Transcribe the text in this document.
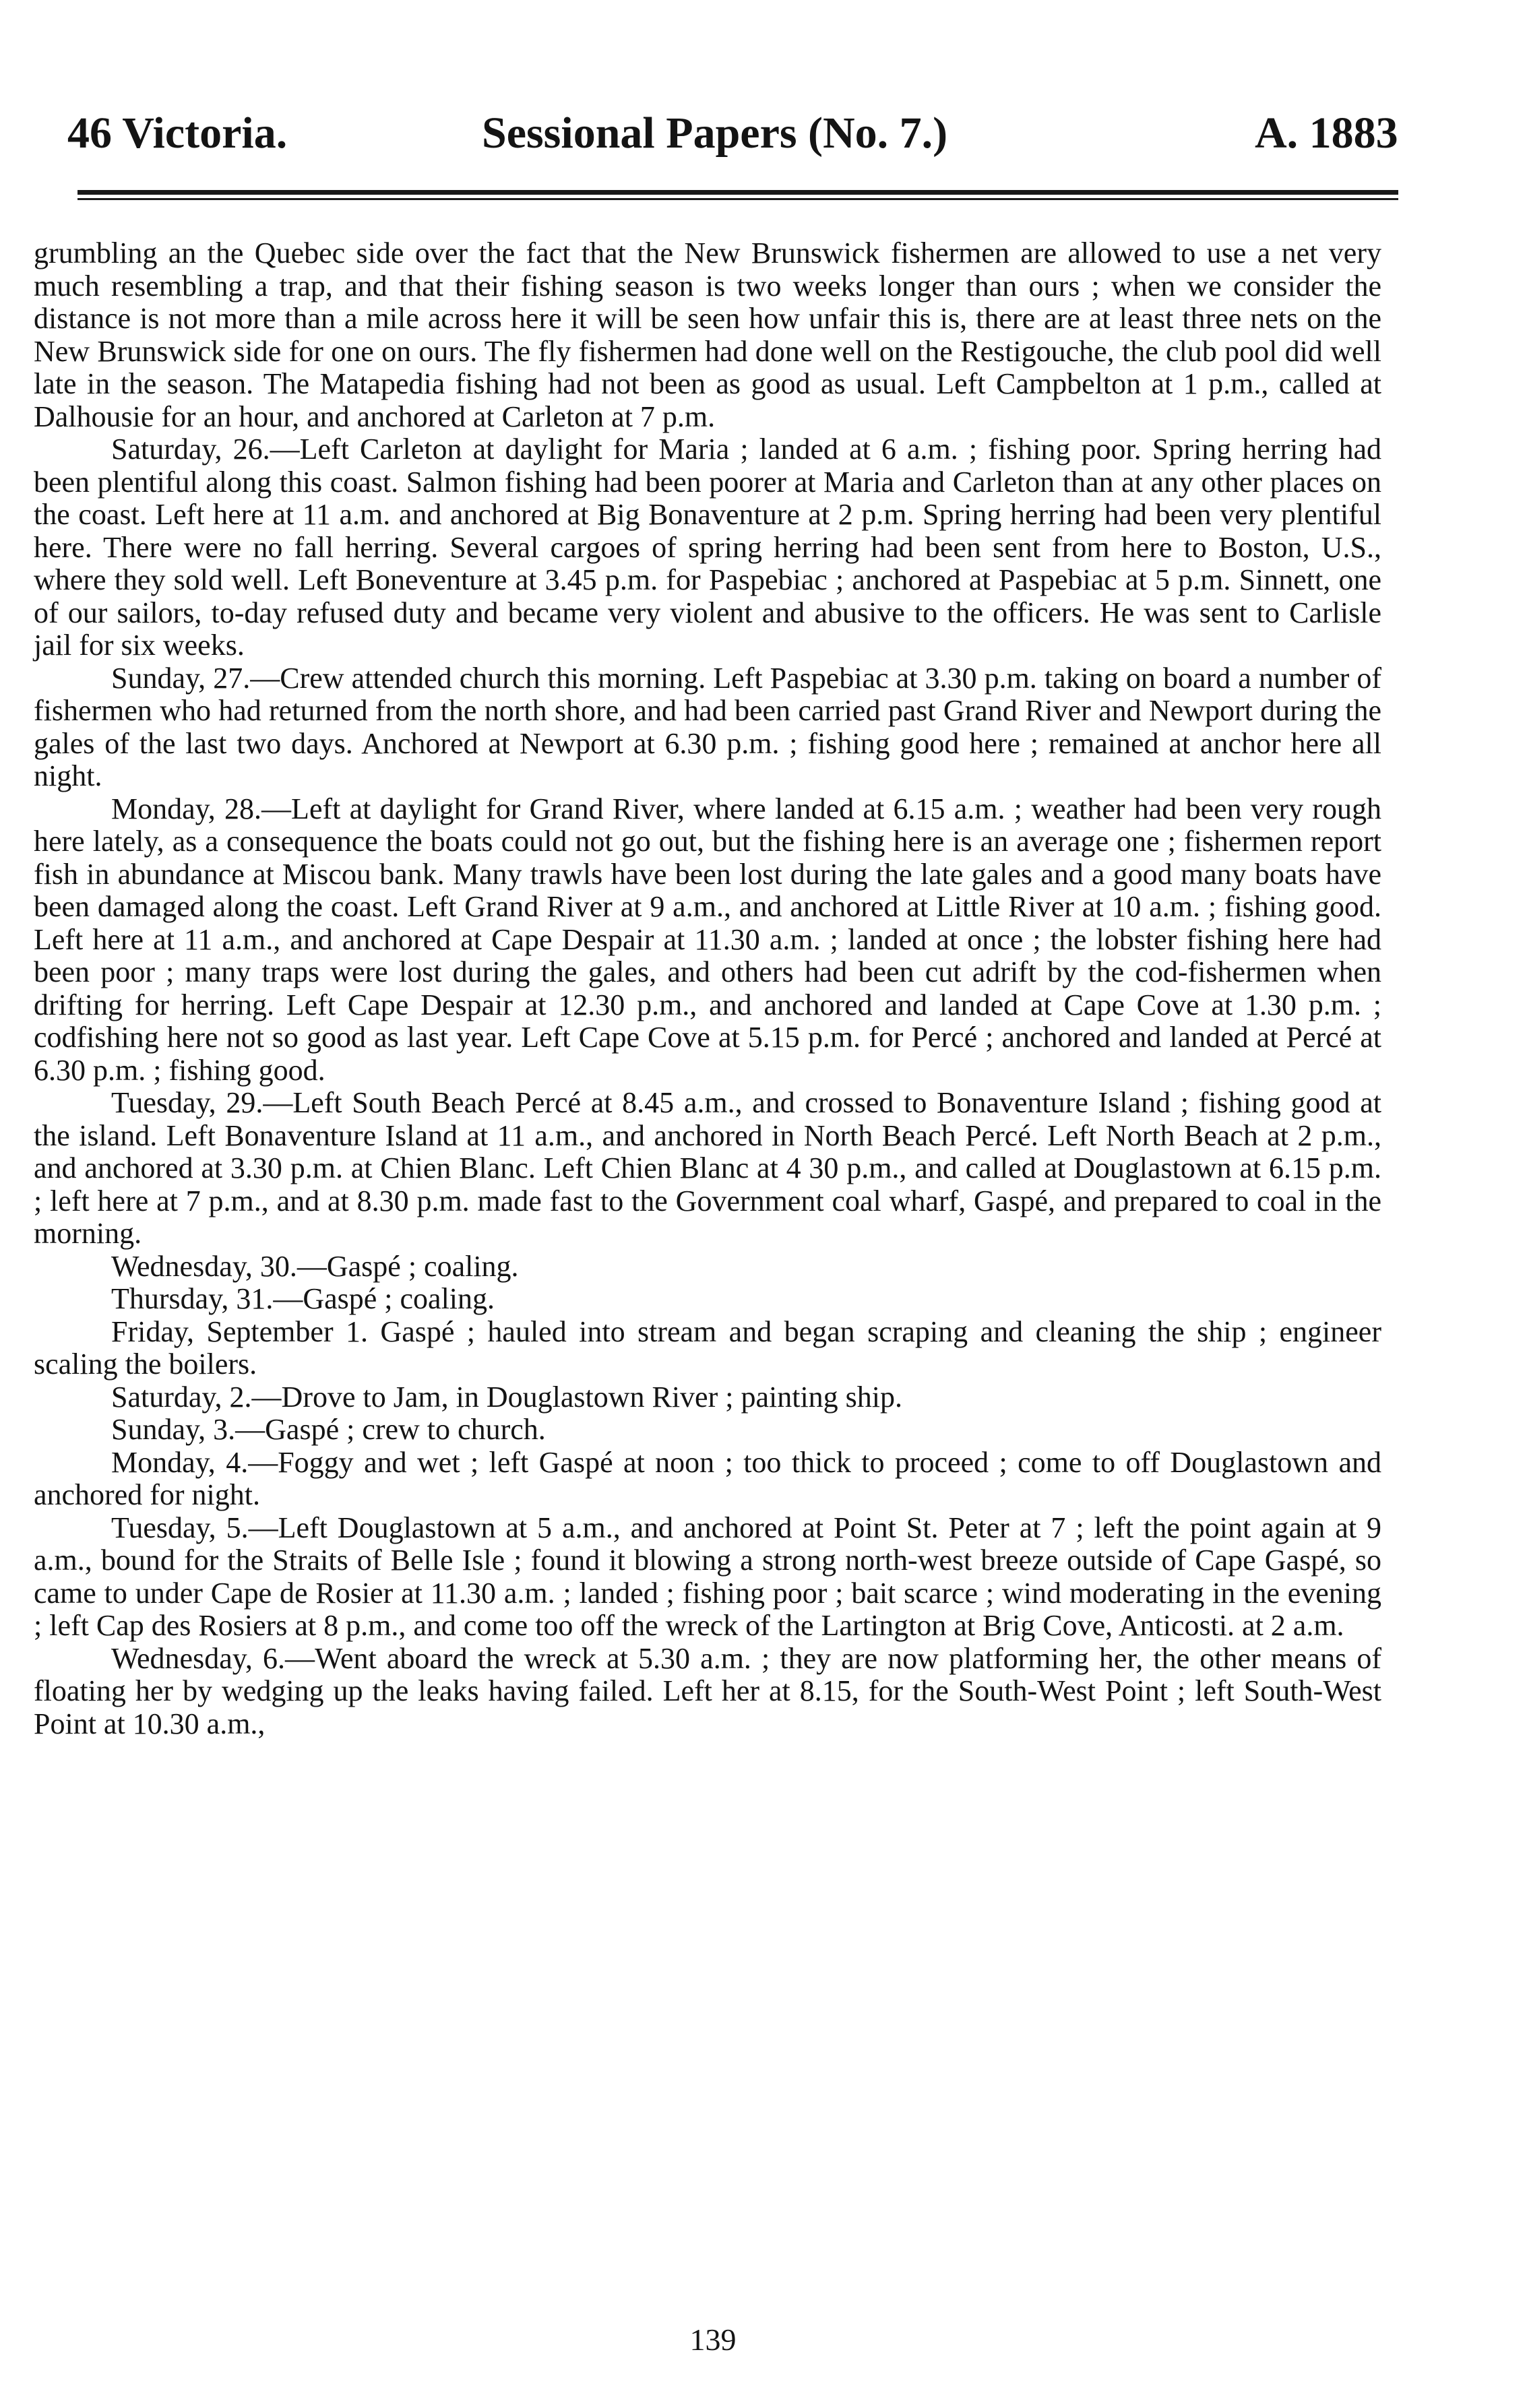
46 Victoria.	Sessional Papers (No. 7.)	A. 1883

grumbling an the Quebec side over the fact that the New Brunswick fishermen are allowed to use a net very much resembling a trap, and that their fishing season is two weeks longer than ours ; when we consider the distance is not more than a mile across here it will be seen how unfair this is, there are at least three nets on the New Brunswick side for one on ours. The fly fishermen had done well on the Restigouche, the club pool did well late in the season. The Matapedia fishing had not been as good as usual. Left Campbelton at 1 p.m., called at Dalhousie for an hour, and anchored at Carleton at 7 p.m.

Saturday, 26.—Left Carleton at daylight for Maria ; landed at 6 a.m. ; fishing poor. Spring herring had been plentiful along this coast. Salmon fishing had been poorer at Maria and Carleton than at any other places on the coast. Left here at 11 a.m. and anchored at Big Bonaventure at 2 p.m. Spring herring had been very plentiful here. There were no fall herring. Several cargoes of spring herring had been sent from here to Boston, U.S., where they sold well. Left Boneventure at 3.45 p.m. for Paspebiac ; anchored at Paspebiac at 5 p.m. Sinnett, one of our sailors, to-day refused duty and became very violent and abusive to the officers. He was sent to Carlisle jail for six weeks.

Sunday, 27.—Crew attended church this morning. Left Paspebiac at 3.30 p.m. taking on board a number of fishermen who had returned from the north shore, and had been carried past Grand River and Newport during the gales of the last two days. Anchored at Newport at 6.30 p.m. ; fishing good here ; remained at anchor here all night.

Monday, 28.—Left at daylight for Grand River, where landed at 6.15 a.m. ; weather had been very rough here lately, as a consequence the boats could not go out, but the fishing here is an average one ; fishermen report fish in abundance at Miscou bank. Many trawls have been lost during the late gales and a good many boats have been damaged along the coast. Left Grand River at 9 a.m., and anchored at Little River at 10 a.m. ; fishing good. Left here at 11 a.m., and anchored at Cape Despair at 11.30 a.m. ; landed at once ; the lobster fishing here had been poor ; many traps were lost during the gales, and others had been cut adrift by the cod-fishermen when drifting for herring. Left Cape Despair at 12.30 p.m., and anchored and landed at Cape Cove at 1.30 p.m. ; codfishing here not so good as last year. Left Cape Cove at 5.15 p.m. for Percé ; anchored and landed at Percé at 6.30 p.m. ; fishing good.

Tuesday, 29.—Left South Beach Percé at 8.45 a.m., and crossed to Bonaventure Island ; fishing good at the island. Left Bonaventure Island at 11 a.m., and anchored in North Beach Percé. Left North Beach at 2 p.m., and anchored at 3.30 p.m. at Chien Blanc. Left Chien Blanc at 4 30 p.m., and called at Douglastown at 6.15 p.m. ; left here at 7 p.m., and at 8.30 p.m. made fast to the Government coal wharf, Gaspé, and prepared to coal in the morning.

Wednesday, 30.—Gaspé ; coaling.

Thursday, 31.—Gaspé ; coaling.

Friday, September 1. Gaspé ; hauled into stream and began scraping and cleaning the ship ; engineer scaling the boilers.

Saturday, 2.—Drove to Jam, in Douglastown River ; painting ship.

Sunday, 3.—Gaspé ; crew to church.

Monday, 4.—Foggy and wet ; left Gaspé at noon ; too thick to proceed ; come to off Douglastown and anchored for night.

Tuesday, 5.—Left Douglastown at 5 a.m., and anchored at Point St. Peter at 7 ; left the point again at 9 a.m., bound for the Straits of Belle Isle ; found it blowing a strong north-west breeze outside of Cape Gaspé, so came to under Cape de Rosier at 11.30 a.m. ; landed ; fishing poor ; bait scarce ; wind moderating in the evening ; left Cap des Rosiers at 8 p.m., and come too off the wreck of the Lartington at Brig Cove, Anticosti. at 2 a.m.

Wednesday, 6.—Went aboard the wreck at 5.30 a.m. ; they are now platforming her, the other means of floating her by wedging up the leaks having failed. Left her at 8.15, for the South-West Point ; left South-West Point at 10.30 a.m.,

139
